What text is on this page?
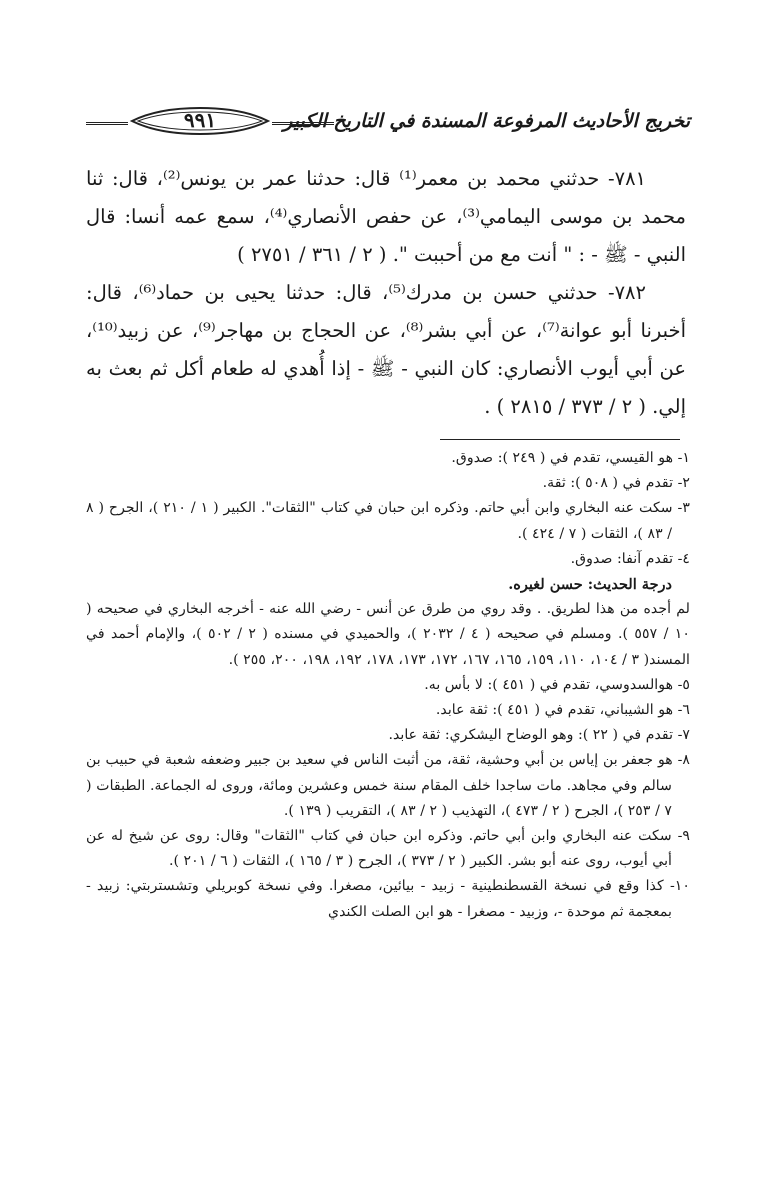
تخريج الأحاديث المرفوعة المسندة في التاريخ الكبير
٩٩١

٧٨١- حدثني محمد بن معمر⁽¹⁾ قال: حدثنا عمر بن يونس⁽²⁾، قال: ثنا محمد بن موسى اليمامي⁽³⁾، عن حفص الأنصاري⁽⁴⁾، سمع عمه أنسا: قال النبي - ﷺ - : " أنت مع من أحببت ". ( ٢ / ٣٦١ / ٢٧٥١ )

٧٨٢- حدثني حسن بن مدرك⁽⁵⁾، قال: حدثنا يحيى بن حماد⁽⁶⁾، قال: أخبرنا أبو عوانة⁽⁷⁾، عن أبي بشر⁽⁸⁾، عن الحجاج بن مهاجر⁽⁹⁾، عن زبيد⁽¹⁰⁾، عن أبي أيوب الأنصاري: كان النبي - ﷺ - إذا أُهدي له طعام أكل ثم بعث به إلي. ( ٢ / ٣٧٣ / ٢٨١٥ ) .

١- هو القيسي، تقدم في ( ٢٤٩ ): صدوق.

٢- تقدم في ( ٥٠٨ ): ثقة.

٣- سكت عنه البخاري وابن أبي حاتم. وذكره ابن حبان في كتاب "الثقات". الكبير ( ١ / ٢١٠ )، الجرح ( ٨ / ٨٣ )، الثقات ( ٧ / ٤٢٤ ).

٤- تقدم آنفا: صدوق.

درجة الحديث: حسن لغيره.

لم أجده من هذا لطريق. . وقد روي من طرق عن أنس - رضي الله عنه - أخرجه البخاري في صحيحه ( ١٠ / ٥٥٧ ). ومسلم في صحيحه ( ٤ / ٢٠٣٢ )، والحميدي في مسنده ( ٢ / ٥٠٢ )، والإمام أحمد في المسند( ٣ / ١٠٤، ١١٠، ١٥٩، ١٦٥، ١٦٧، ١٧٢، ١٧٣، ١٧٨، ١٩٢، ١٩٨، ٢٠٠، ٢٥٥ ).

٥- هوالسدوسي، تقدم في ( ٤٥١ ): لا بأس به.

٦- هو الشيباني، تقدم في ( ٤٥١ ): ثقة عابد.

٧- تقدم في ( ٢٢ ): وهو الوضاح اليشكري: ثقة عابد.

٨- هو جعفر بن إياس بن أبي وحشية، ثقة، من أثبت الناس في سعيد بن جبير وضعفه شعبة في حبيب بن سالم وفي مجاهد. مات ساجدا خلف المقام سنة خمس وعشرين ومائة، وروى له الجماعة. الطبقات ( ٧ / ٢٥٣ )، الجرح ( ٢ / ٤٧٣ )، التهذيب ( ٢ / ٨٣ )، التقريب ( ١٣٩ ).

٩- سكت عنه البخاري وابن أبي حاتم. وذكره ابن حبان في كتاب "الثقات" وقال: روى عن شيخ له عن أبي أيوب، روى عنه أبو بشر. الكبير ( ٢ / ٣٧٣ )، الجرح ( ٣ / ١٦٥ )، الثقات ( ٦ / ٢٠١ ).

١٠- كذا وقع في نسخة القسطنطينية - زبيد - بيائين، مصغرا. وفي نسخة كوبريلي وتشستربتي: زبيد - بمعجمة ثم موحدة -، وزبيد - مصغرا - هو ابن الصلت الكندي
